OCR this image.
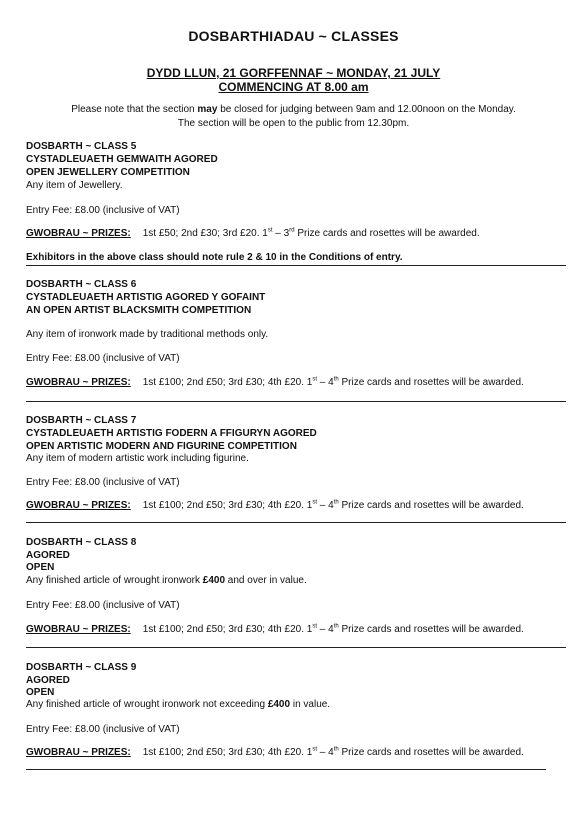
DOSBARTHIADAU ~ CLASSES
DYDD LLUN, 21 GORFFENNAF ~ MONDAY, 21 JULY
COMMENCING AT 8.00 am
Please note that the section may be closed for judging between 9am and 12.00noon on the Monday.
The section will be open to the public from 12.30pm.
DOSBARTH ~ CLASS 5
CYSTADLEUAETH GEMWAITH AGORED
OPEN JEWELLERY COMPETITION
Any item of Jewellery.
Entry Fee: £8.00 (inclusive of VAT)
GWOBRAU ~ PRIZES: 1st £50; 2nd £30; 3rd £20. 1st – 3rd Prize cards and rosettes will be awarded.
Exhibitors in the above class should note rule 2 & 10 in the Conditions of entry.
DOSBARTH ~ CLASS 6
CYSTADLEUAETH ARTISTIG AGORED Y GOFAINT
AN OPEN ARTIST BLACKSMITH COMPETITION
Any item of ironwork made by traditional methods only.
Entry Fee: £8.00 (inclusive of VAT)
GWOBRAU ~ PRIZES: 1st £100; 2nd £50; 3rd £30; 4th £20. 1st – 4th Prize cards and rosettes will be awarded.
DOSBARTH ~ CLASS 7
CYSTADLEUAETH ARTISTIG FODERN A FFIGURYN AGORED
OPEN ARTISTIC MODERN AND FIGURINE COMPETITION
Any item of modern artistic work including figurine.
Entry Fee: £8.00 (inclusive of VAT)
GWOBRAU ~ PRIZES: 1st £100; 2nd £50; 3rd £30; 4th £20. 1st – 4th Prize cards and rosettes will be awarded.
DOSBARTH ~ CLASS 8
AGORED
OPEN
Any finished article of wrought ironwork £400 and over in value.
Entry Fee: £8.00 (inclusive of VAT)
GWOBRAU ~ PRIZES: 1st £100; 2nd £50; 3rd £30; 4th £20. 1st – 4th Prize cards and rosettes will be awarded.
DOSBARTH ~ CLASS 9
AGORED
OPEN
Any finished article of wrought ironwork not exceeding £400 in value.
Entry Fee: £8.00 (inclusive of VAT)
GWOBRAU ~ PRIZES: 1st £100; 2nd £50; 3rd £30; 4th £20. 1st – 4th Prize cards and rosettes will be awarded.
